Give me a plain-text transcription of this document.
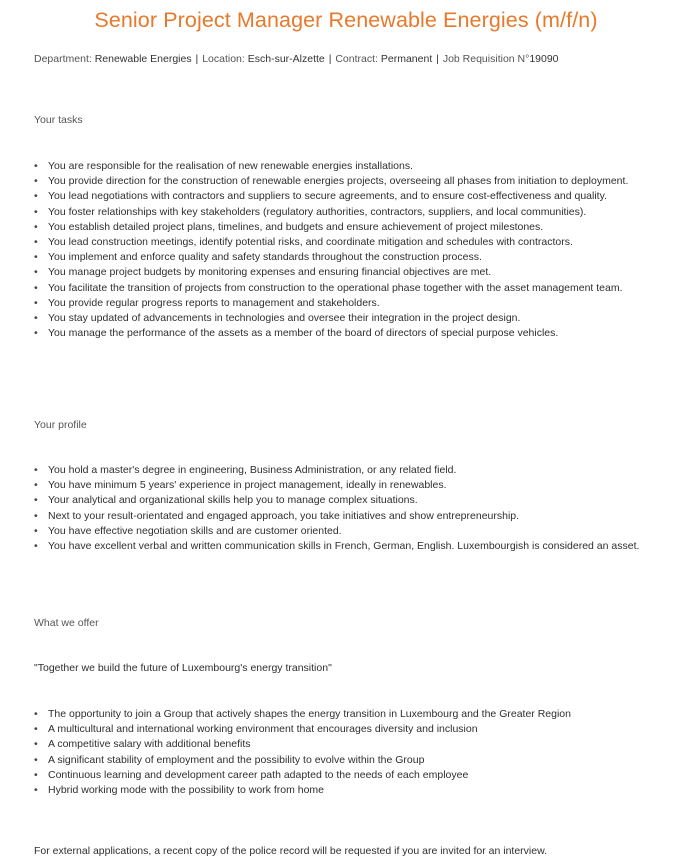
Senior Project Manager Renewable Energies (m/f/n)
Department: Renewable Energies | Location: Esch-sur-Alzette | Contract: Permanent | Job Requisition N°19090
Your tasks
• You are responsible for the realisation of new renewable energies installations.
• You provide direction for the construction of renewable energies projects, overseeing all phases from initiation to deployment.
• You lead negotiations with contractors and suppliers to secure agreements, and to ensure cost-effectiveness and quality.
• You foster relationships with key stakeholders (regulatory authorities, contractors, suppliers, and local communities).
• You establish detailed project plans, timelines, and budgets and ensure achievement of project milestones.
• You lead construction meetings, identify potential risks, and coordinate mitigation and schedules with contractors.
• You implement and enforce quality and safety standards throughout the construction process.
• You manage project budgets by monitoring expenses and ensuring financial objectives are met.
• You facilitate the transition of projects from construction to the operational phase together with the asset management team.
• You provide regular progress reports to management and stakeholders.
• You stay updated of advancements in technologies and oversee their integration in the project design.
• You manage the performance of the assets as a member of the board of directors of special purpose vehicles.
Your profile
• You hold a master's degree in engineering, Business Administration, or any related field.
• You have minimum 5 years' experience in project management, ideally in renewables.
• Your analytical and organizational skills help you to manage complex situations.
• Next to your result-orientated and engaged approach, you take initiatives and show entrepreneurship.
• You have effective negotiation skills and are customer oriented.
• You have excellent verbal and written communication skills in French, German, English. Luxembourgish is considered an asset.
What we offer
"Together we build the future of Luxembourg's energy transition"
• The opportunity to join a Group that actively shapes the energy transition in Luxembourg and the Greater Region
• A multicultural and international working environment that encourages diversity and inclusion
• A competitive salary with additional benefits
• A significant stability of employment and the possibility to evolve within the Group
• Continuous learning and development career path adapted to the needs of each employee
• Hybrid working mode with the possibility to work from home
For external applications, a recent copy of the police record will be requested if you are invited for an interview.
